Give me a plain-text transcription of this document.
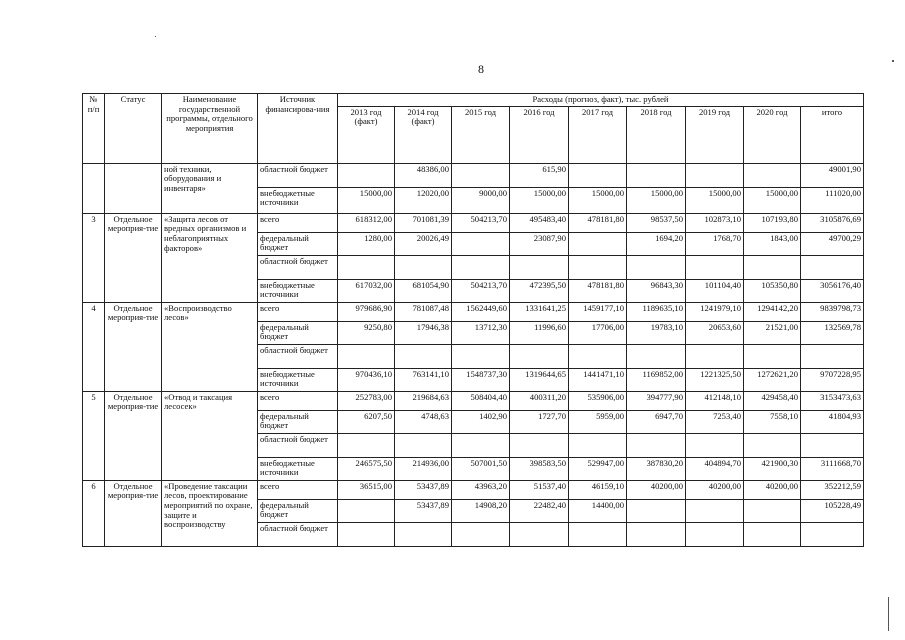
8
№ п/п	Статус	Наименование государственной программы, отдельного мероприятия	Источник финансирова-ния	Расходы (прогноз, факт), тыс. рублей								
				2013 год (факт)	2014 год (факт)	2015 год	2016 год	2017 год	2018 год	2019 год	2020 год	итого
		ной техники, оборудования и инвентаря»	областной бюджет		48386,00		615,90					49001,90
			внебюджетные источники	15000,00	12020,00	9000,00	15000,00	15000,00	15000,00	15000,00	15000,00	111020,00
3	Отдельное мероприя-тие	«Защита лесов от вредных организмов и неблагоприятных факторов»	всего	618312,00	701081,39	504213,70	495483,40	478181,80	98537,50	102873,10	107193,80	3105876,69
			федеральный бюджет	1280,00	20026,49		23087,90		1694,20	1768,70	1843,00	49700,29
			областной бюджет									
			внебюджетные источники	617032,00	681054,90	504213,70	472395,50	478181,80	96843,30	101104,40	105350,80	3056176,40
4	Отдельное мероприя-тие	«Воспроизводство лесов»	всего	979686,90	781087,48	1562449,60	1331641,25	1459177,10	1189635,10	1241979,10	1294142,20	9839798,73
			федеральный бюджет	9250,80	17946,38	13712,30	11996,60	17706,00	19783,10	20653,60	21521,00	132569,78
			областной бюджет									
			внебюджетные источники	970436,10	763141,10	1548737,30	1319644,65	1441471,10	1169852,00	1221325,50	1272621,20	9707228,95
5	Отдельное мероприя-тие	«Отвод и таксация лесосек»	всего	252783,00	219684,63	508404,40	400311,20	535906,00	394777,90	412148,10	429458,40	3153473,63
			федеральный бюджет	6207,50	4748,63	1402,90	1727,70	5959,00	6947,70	7253,40	7558,10	41804,93
			областной бюджет									
			внебюджетные источники	246575,50	214936,00	507001,50	398583,50	529947,00	387830,20	404894,70	421900,30	3111668,70
6	Отдельное мероприя-тие	«Проведение таксации лесов, проектирование мероприятий по охране, защите и воспроизводству	всего	36515,00	53437,89	43963,20	51537,40	46159,10	40200,00	40200,00	40200,00	352212,59
			федеральный бюджет		53437,89	14908,20	22482,40	14400,00				105228,49
			областной бюджет									
